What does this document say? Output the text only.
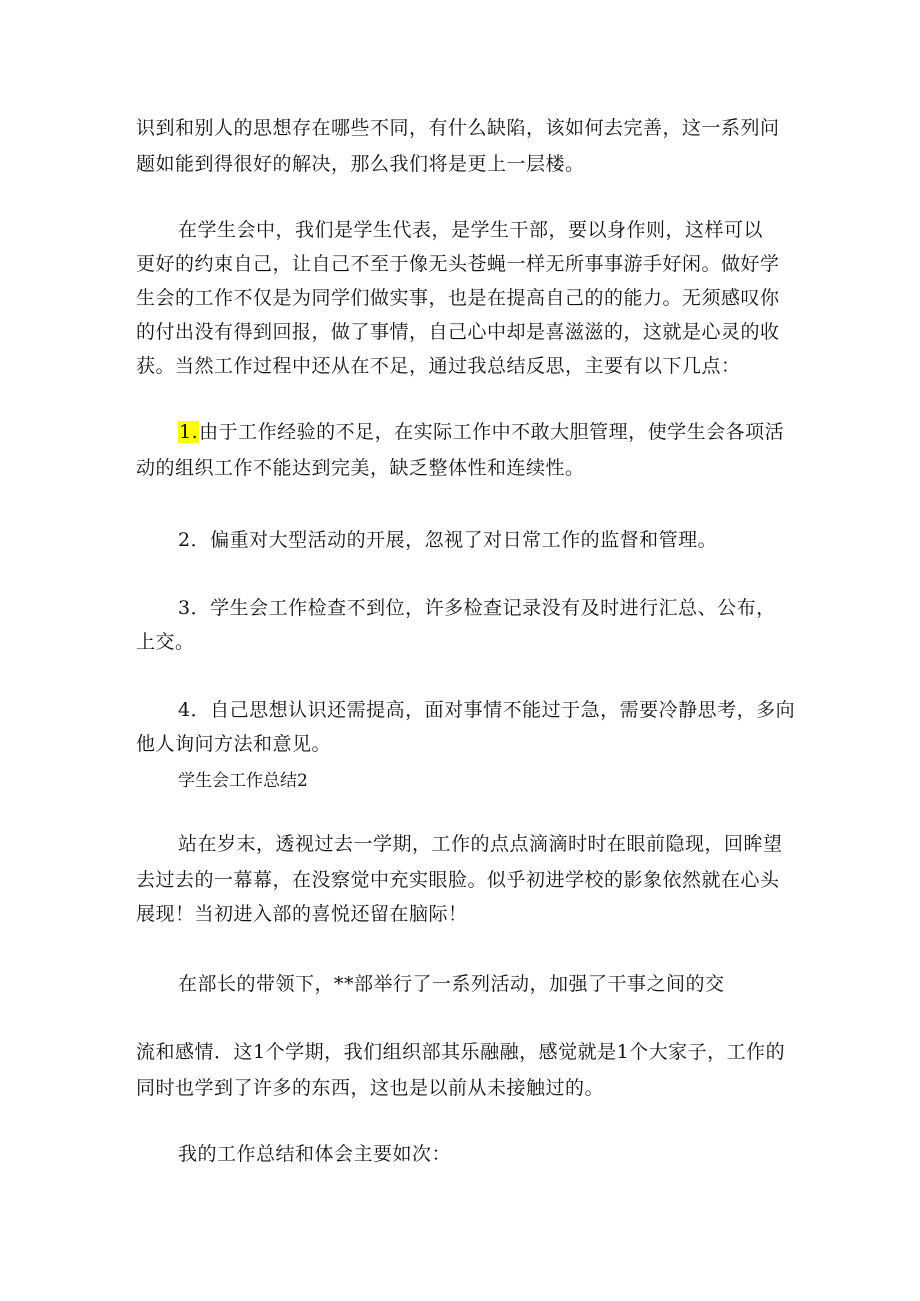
识到和别人的思想存在哪些不同，有什么缺陷，该如何去完善，这一系列问
题如能到得很好的解决，那么我们将是更上一层楼。
在学生会中，我们是学生代表，是学生干部，要以身作则，这样可以
更好的约束自己，让自己不至于像无头苍蝇一样无所事事游手好闲。做好学
生会的工作不仅是为同学们做实事，也是在提高自己的的能力。无须感叹你
的付出没有得到回报，做了事情，自己心中却是喜滋滋的，这就是心灵的收
获。当然工作过程中还从在不足，通过我总结反思，主要有以下几点：
1.由于工作经验的不足，在实际工作中不敢大胆管理，使学生会各项活
动的组织工作不能达到完美，缺乏整体性和连续性。
2．偏重对大型活动的开展，忽视了对日常工作的监督和管理。
3．学生会工作检查不到位，许多检查记录没有及时进行汇总、公布，
上交。
4．自己思想认识还需提高，面对事情不能过于急，需要冷静思考，多向
他人询问方法和意见。
学生会工作总结2
站在岁末，透视过去一学期，工作的点点滴滴时时在眼前隐现，回眸望
去过去的一幕幕，在没察觉中充实眼脸。似乎初进学校的影象依然就在心头
展现！当初进入部的喜悦还留在脑际！
在部长的带领下，**部举行了一系列活动，加强了干事之间的交
流和感情．这1个学期，我们组织部其乐融融，感觉就是1个大家子，工作的
同时也学到了许多的东西，这也是以前从未接触过的。
我的工作总结和体会主要如次：
